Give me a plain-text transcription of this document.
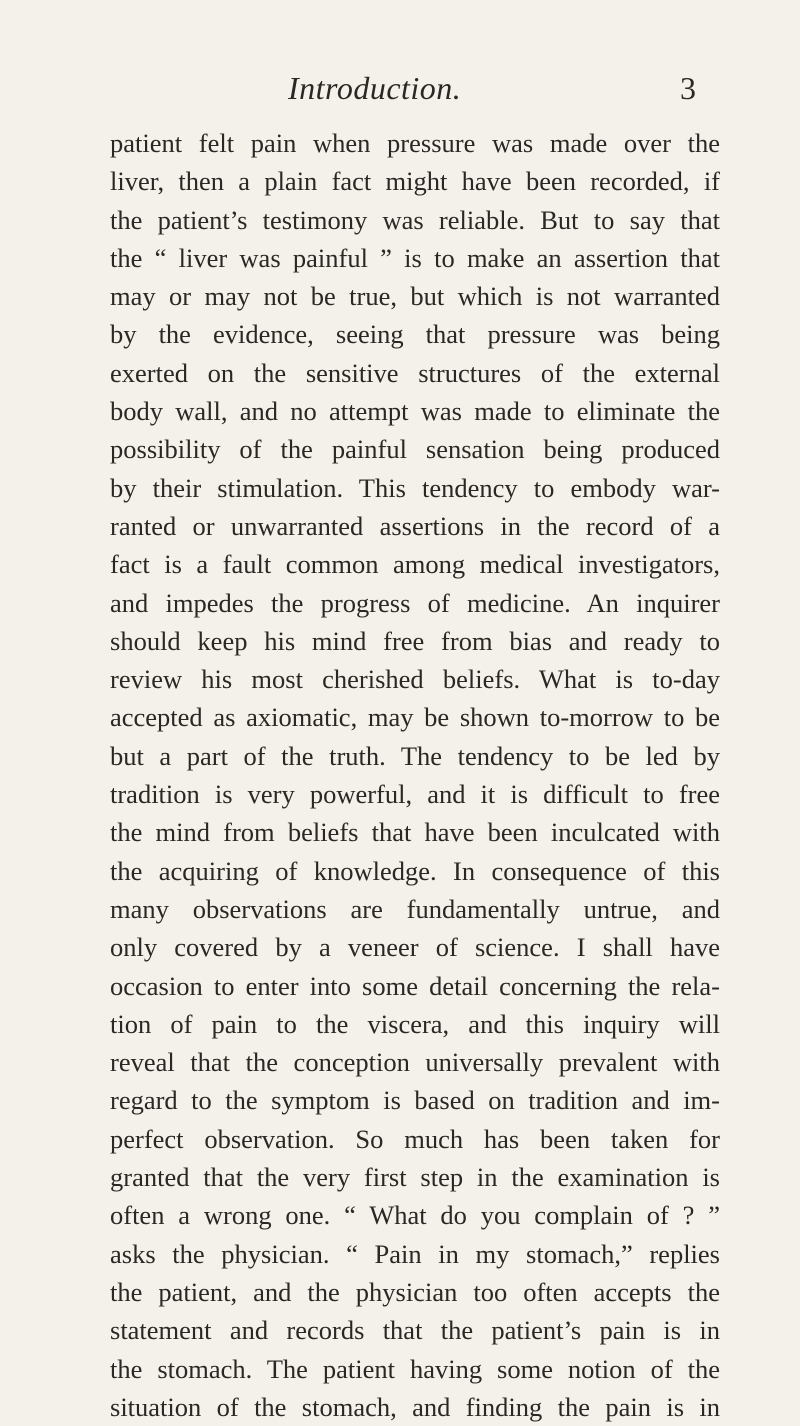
Introduction.	3
patient felt pain when pressure was made over the
liver, then a plain fact might have been recorded, if
the patient’s testimony was reliable. But to say that
the “ liver was painful ” is to make an assertion that
may or may not be true, but which is not warranted
by the evidence, seeing that pressure was being
exerted on the sensitive structures of the external
body wall, and no attempt was made to eliminate the
possibility of the painful sensation being produced
by their stimulation. This tendency to embody war-
ranted or unwarranted assertions in the record of a
fact is a fault common among medical investigators,
and impedes the progress of medicine. An inquirer
should keep his mind free from bias and ready to
review his most cherished beliefs. What is to-day
accepted as axiomatic, may be shown to-morrow to be
but a part of the truth. The tendency to be led by
tradition is very powerful, and it is difficult to free
the mind from beliefs that have been inculcated with
the acquiring of knowledge. In consequence of this
many observations are fundamentally untrue, and
only covered by a veneer of science. I shall have
occasion to enter into some detail concerning the rela-
tion of pain to the viscera, and this inquiry will
reveal that the conception universally prevalent with
regard to the symptom is based on tradition and im-
perfect observation. So much has been taken for
granted that the very first step in the examination is
often a wrong one. “ What do you complain of ? ”
asks the physician. “ Pain in my stomach,” replies
the patient, and the physician too often accepts the
statement and records that the patient’s pain is in
the stomach. The patient having some notion of the
situation of the stomach, and finding the pain is in
